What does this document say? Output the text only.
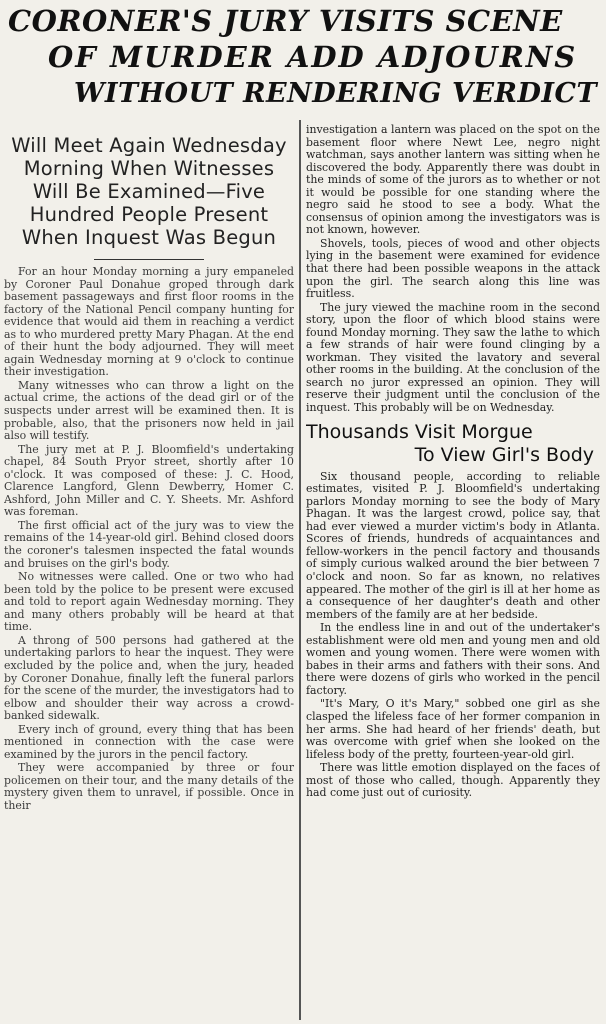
CORONER'S JURY VISITS SCENE
OF MURDER ADD ADJOURNS
WITHOUT RENDERING VERDICT
Will Meet Again Wednesday Morning When Witnesses Will Be Examined—Five Hundred People Present When Inquest Was Begun

For an hour Monday morning a jury empaneled by Coroner Paul Donahue groped through dark basement passageways and first floor rooms in the factory of the National Pencil company hunting for evidence that would aid them in reaching a verdict as to who murdered pretty Mary Phagan. At the end of their hunt the body adjourned. They will meet again Wednesday morning at 9 o'clock to continue their investigation.

Many witnesses who can throw a light on the actual crime, the actions of the dead girl or of the suspects under arrest will be examined then. It is probable, also, that the prisoners now held in jail also will testify.

The jury met at P. J. Bloomfield's undertaking chapel, 84 South Pryor street, shortly after 10 o'clock. It was composed of these: J. C. Hood, Clarence Langford, Glenn Dewberry, Homer C. Ashford, John Miller and C. Y. Sheets. Mr. Ashford was foreman.

The first official act of the jury was to view the remains of the 14-year-old girl. Behind closed doors the coroner's talesmen inspected the fatal wounds and bruises on the girl's body.

No witnesses were called. One or two who had been told by the police to be present were excused and told to report again Wednesday morning. They and many others probably will be heard at that time.

A throng of 500 persons had gathered at the undertaking parlors to hear the inquest. They were excluded by the police and, when the jury, headed by Coroner Donahue, finally left the funeral parlors for the scene of the murder, the investigators had to elbow and shoulder their way across a crowd-banked sidewalk.

Every inch of ground, every thing that has been mentioned in connection with the case were examined by the jurors in the pencil factory.

They were accompanied by three or four policemen on their tour, and the many details of the mystery given them to unravel, if possible. Once in their

investigation a lantern was placed on the spot on the basement floor where Newt Lee, negro night watchman, says another lantern was sitting when he discovered the body. Apparently there was doubt in the minds of some of the jurors as to whether or not it would be possible for one standing where the negro said he stood to see a body. What the consensus of opinion among the investigators was is not known, however.

Shovels, tools, pieces of wood and other objects lying in the basement were examined for evidence that there had been possible weapons in the attack upon the girl. The search along this line was fruitless.

The jury viewed the machine room in the second story, upon the floor of which blood stains were found Monday morning. They saw the lathe to which a few strands of hair were found clinging by a workman. They visited the lavatory and several other rooms in the building. At the conclusion of the search no juror expressed an opinion. They will reserve their judgment until the conclusion of the inquest. This probably will be on Wednesday.

Thousands Visit Morgue
To View Girl's Body

Six thousand people, according to reliable estimates, visited P. J. Bloomfield's undertaking parlors Monday morning to see the body of Mary Phagan. It was the largest crowd, police say, that had ever viewed a murder victim's body in Atlanta. Scores of friends, hundreds of acquaintances and fellow-workers in the pencil factory and thousands of simply curious walked around the bier between 7 o'clock and noon. So far as known, no relatives appeared. The mother of the girl is ill at her home as a consequence of her daughter's death and other members of the family are at her bedside.

In the endless line in and out of the undertaker's establishment were old men and young men and old women and young women. There were women with babes in their arms and fathers with their sons. And there were dozens of girls who worked in the pencil factory.

"It's Mary, O it's Mary," sobbed one girl as she clasped the lifeless face of her former companion in her arms. She had heard of her friends' death, but was overcome with grief when she looked on the lifeless body of the pretty, fourteen-year-old girl.

There was little emotion displayed on the faces of most of those who called, though. Apparently they had come just out of curiosity.
